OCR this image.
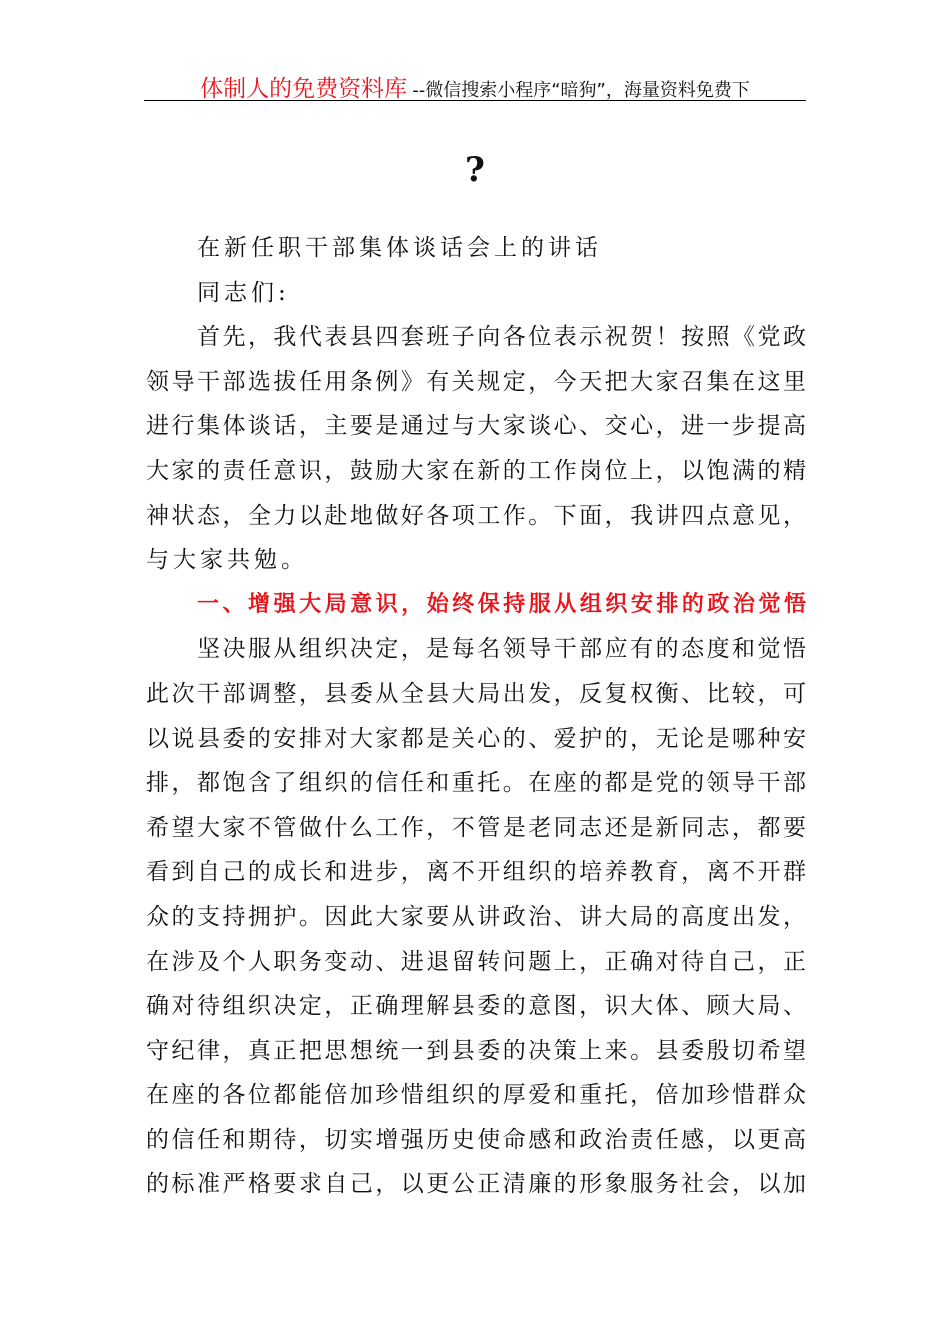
体制人的免费资料库 --微信搜索小程序“暗狗”，海量资料免费下
?
在新任职干部集体谈话会上的讲话
同志们:
首先，我代表县四套班子向各位表示祝贺！按照《党政
领导干部选拔任用条例》有关规定，今天把大家召集在这里
进行集体谈话，主要是通过与大家谈心、交心，进一步提高
大家的责任意识，鼓励大家在新的工作岗位上，以饱满的精
神状态，全力以赴地做好各项工作。下面，我讲四点意见，
与大家共勉。
一、增强大局意识，始终保持服从组织安排的政治觉悟
坚决服从组织决定，是每名领导干部应有的态度和觉悟
此次干部调整，县委从全县大局出发，反复权衡、比较，可
以说县委的安排对大家都是关心的、爱护的，无论是哪种安
排，都饱含了组织的信任和重托。在座的都是党的领导干部
希望大家不管做什么工作，不管是老同志还是新同志，都要
看到自己的成长和进步，离不开组织的培养教育，离不开群
众的支持拥护。因此大家要从讲政治、讲大局的高度出发，
在涉及个人职务变动、进退留转问题上，正确对待自己，正
确对待组织决定，正确理解县委的意图，识大体、顾大局、
守纪律，真正把思想统一到县委的决策上来。县委殷切希望
在座的各位都能倍加珍惜组织的厚爱和重托，倍加珍惜群众
的信任和期待，切实增强历史使命感和政治责任感，以更高
的标准严格要求自己，以更公正清廉的形象服务社会，以加
